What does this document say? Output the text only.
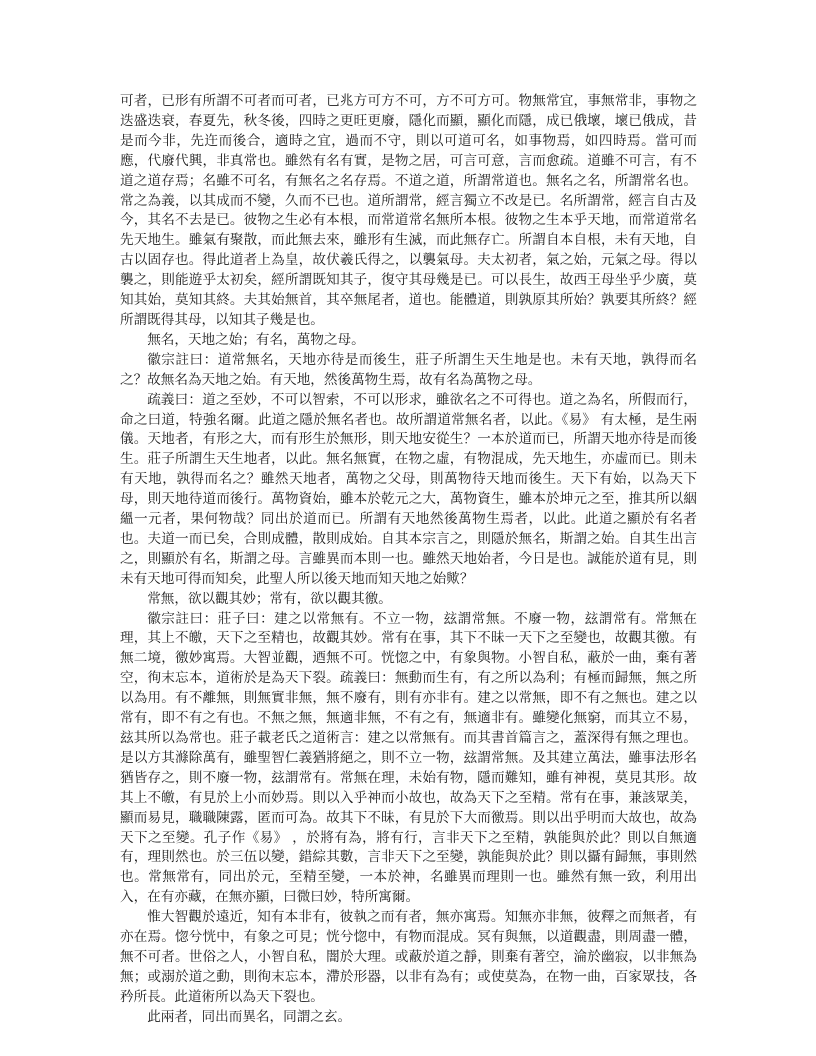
可者，已形有所謂不可者而可者，已兆方可方不可，方不可方可。物無常宜，事無常非，事物之迭盛迭衰，春夏先，秋冬後，四時之更旺更廢，隱化而顯，顯化而隱，成已俄壞，壞已俄成，昔是而今非，先迕而後合，適時之宜，過而不守，則以可道可名，如事物焉，如四時焉。當可而應，代廢代興，非真常也。雖然有名有實，是物之居，可言可意，言而愈疏。道雖不可言，有不道之道存焉；名雖不可名，有無名之名存焉。不道之道，所謂常道也。無名之名，所謂常名也。常之為義，以其成而不變，久而不已也。道所謂常，經言獨立不改是已。名所謂常，經言自古及今，其名不去是已。彼物之生必有本根，而常道常名無所本根。彼物之生本乎天地，而常道常名先天地生。雖氣有聚散，而此無去來，雖形有生滅，而此無存亡。所謂自本自根，未有天地，自古以固存也。得此道者上為皇，故伏羲氏得之，以襲氣母。夫太初者，氣之始，元氣之母。得以襲之，則能遊乎太初矣，經所謂既知其子，復守其母幾是已。可以長生，故西王母坐乎少廣，莫知其始，莫知其終。夫其始無首，其卒無尾者，道也。能體道，則孰原其所始？孰要其所終？經所謂既得其母，以知其子幾是也。

無名，天地之始；有名，萬物之母。

徽宗註曰：道常無名，天地亦待是而後生，莊子所謂生天生地是也。未有天地，孰得而名之？故無名為天地之始。有天地，然後萬物生焉，故有名為萬物之母。

疏義曰：道之至妙，不可以智索，不可以形求，雖欲名之不可得也。道之為名，所假而行，命之曰道，特強名爾。此道之隱於無名者也。故所謂道常無名者，以此。《易》 有太極，是生兩儀。天地者，有形之大，而有形生於無形，則天地安從生？一本於道而已，所謂天地亦待是而後生。莊子所謂生天生地者，以此。無名無實，在物之虛，有物混成，先天地生，亦虛而已。則未有天地，孰得而名之？雖然天地者，萬物之父母，則萬物待天地而後生。天下有始，以為天下母，則天地待道而後行。萬物資始，雖本於乾元之大，萬物資生，雖本於坤元之至，推其所以絪縕一元者，果何物哉？同出於道而已。所謂有天地然後萬物生焉者，以此。此道之顯於有名者也。夫道一而已矣，合則成體，散則成始。自其本宗言之，則隱於無名，斯謂之始。自其生出言之，則顯於有名，斯謂之母。言雖異而本則一也。雖然天地始者，今日是也。誠能於道有見，則未有天地可得而知矣，此聖人所以後天地而知天地之始歟？

常無，欲以觀其妙；常有，欲以觀其徼。

徽宗註曰：莊子曰：建之以常無有。不立一物，玆謂常無。不廢一物，玆謂常有。常無在理，其上不皦，天下之至精也，故觀其妙。常有在事，其下不昧一天下之至變也，故觀其徼。有無二境，徼妙寓焉。大智並觀，迺無不可。恍惚之中，有象與物。小智自私，蔽於一曲，棄有著空，徇末忘本，道術於是為天下裂。疏義曰：無動而生有，有之所以為利；有極而歸無，無之所以為用。有不離無，則無實非無，無不廢有，則有亦非有。建之以常無，即不有之無也。建之以常有，即不有之有也。不無之無，無適非無，不有之有，無適非有。雖變化無窮，而其立不易，玆其所以為常也。莊子載老氏之道術言：建之以常無有。而其書首篇言之，蓋深得有無之理也。是以方其滌除萬有，雖聖智仁義猶將絕之，則不立一物，玆謂常無。及其建立萬法，雖事法形名猶皆存之，則不廢一物，玆謂常有。常無在理，未始有物，隱而難知，雖有神視，莫見其形。故其上不皦，有見於上小而妙焉。則以入乎神而小故也，故為天下之至精。常有在事，兼該眾美，顯而易見，職職陳露，匿而可為。故其下不昧，有見於下大而徼焉。則以出乎明而大故也，故為天下之至變。孔子作《易》 ，於將有為，將有行，言非天下之至精，孰能與於此？則以自無適有，理則然也。於三伍以變，錯綜其數，言非天下之至變，孰能與於此？則以攝有歸無，事則然也。常無常有，同出於元，至精至變，一本於神，名雖異而理則一也。雖然有無一致，利用出入，在有亦藏，在無亦顯，曰微曰妙，特所寓爾。

惟大智觀於遠近，知有本非有，彼執之而有者，無亦寓焉。知無亦非無，彼釋之而無者，有亦在焉。惚兮恍中，有象之可見；恍兮惚中，有物而混成。冥有與無，以道觀盡，則周盡一體，無不可者。世俗之人，小智自私，闇於大理。或蔽於道之靜，則棄有著空，淪於幽寂，以非無為無；或溺於道之動，則徇末忘本，滯於形器，以非有為有；或使莫為，在物一曲，百家眾技，各矜所長。此道術所以為天下裂也。

此兩者，同出而異名，同謂之玄。
